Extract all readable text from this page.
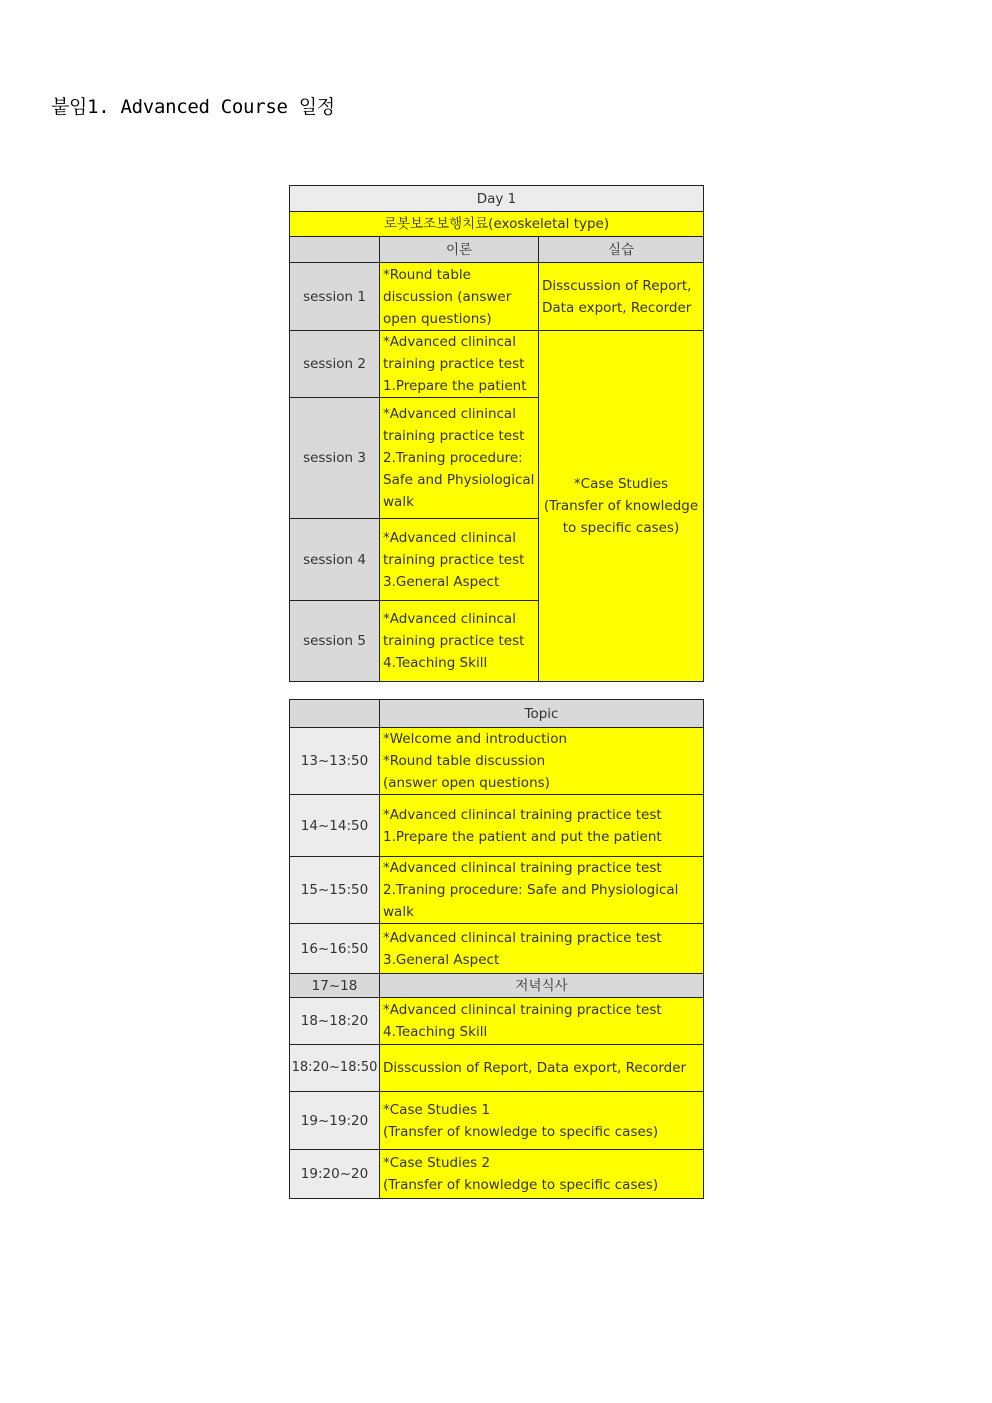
붙임1. Advanced Course 일정
Day 1		
로봇보조보행치료(exoskeletal type)		
	이론	실습
session 1	*Round table
discussion (answer
open questions)	Disscussion of Report,
Data export, Recorder
session 2	*Advanced clinincal
training practice test
1.Prepare the patient	*Case Studies
(Transfer of knowledge
to specific cases)
session 3	*Advanced clinincal
training practice test
2.Traning procedure:
Safe and Physiological
walk	
session 4	*Advanced clinincal
training practice test
3.General Aspect	
session 5	*Advanced clinincal
training practice test
4.Teaching Skill	
	Topic
13~13:50	*Welcome and introduction
*Round table discussion
(answer open questions)
14~14:50	*Advanced clinincal training practice test
1.Prepare the patient and put the patient
15~15:50	*Advanced clinincal training practice test
2.Traning procedure: Safe and Physiological
walk
16~16:50	*Advanced clinincal training practice test
3.General Aspect
17~18	저녁식사
18~18:20	*Advanced clinincal training practice test
4.Teaching Skill
18:20~18:50	Disscussion of Report, Data export, Recorder
19~19:20	*Case Studies 1
(Transfer of knowledge to specific cases)
19:20~20	*Case Studies 2
(Transfer of knowledge to specific cases)
